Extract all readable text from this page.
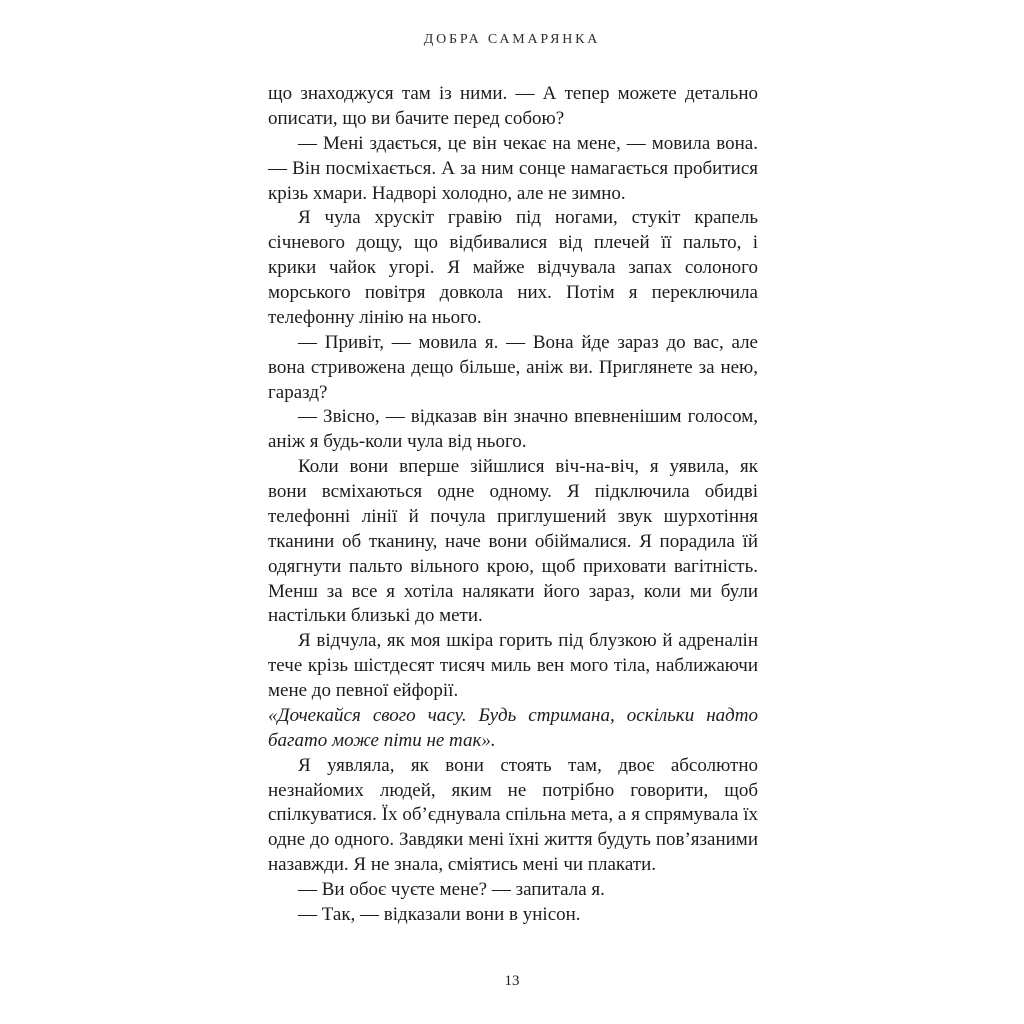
ДОБРА САМАРЯНКА

що знаходжуся там із ними. — А тепер можете детально описати, що ви бачите перед собою?

— Мені здається, це він чекає на мене, — мовила вона. — Він посміхається. А за ним сонце намагається пробитися крізь хмари. Надворі холодно, але не зимно.

Я чула хрускіт гравію під ногами, стукіт крапель січневого дощу, що відбивалися від плечей її пальто, і крики чайок угорі. Я майже відчувала запах солоного морського повітря довкола них. Потім я переключила телефонну лінію на нього.

— Привіт, — мовила я. — Вона йде зараз до вас, але вона стривожена дещо більше, аніж ви. Приглянете за нею, гаразд?

— Звісно, — відказав він значно впевненішим голосом, аніж я будь-коли чула від нього.

Коли вони вперше зійшлися віч-на-віч, я уявила, як вони всміхаються одне одному. Я підключила обидві телефонні лінії й почула приглушений звук шурхотіння тканини об тканину, наче вони обіймалися. Я порадила їй одягнути пальто вільного крою, щоб приховати вагітність. Менш за все я хотіла налякати його зараз, коли ми були настільки близькі до мети.

Я відчула, як моя шкіра горить під блузкою й адреналін тече крізь шістдесят тисяч миль вен мого тіла, наближаючи мене до певної ейфорії.

«Дочекайся свого часу. Будь стримана, оскільки надто багато може піти не так».

Я уявляла, як вони стоять там, двоє абсолютно незнайомих людей, яким не потрібно говорити, щоб спілкуватися. Їх об’єднувала спільна мета, а я спрямувала їх одне до одного. Завдяки мені їхні життя будуть пов’язаними назавжди. Я не знала, сміятись мені чи плакати.

— Ви обоє чуєте мене? — запитала я.

— Так, — відказали вони в унісон.

13
